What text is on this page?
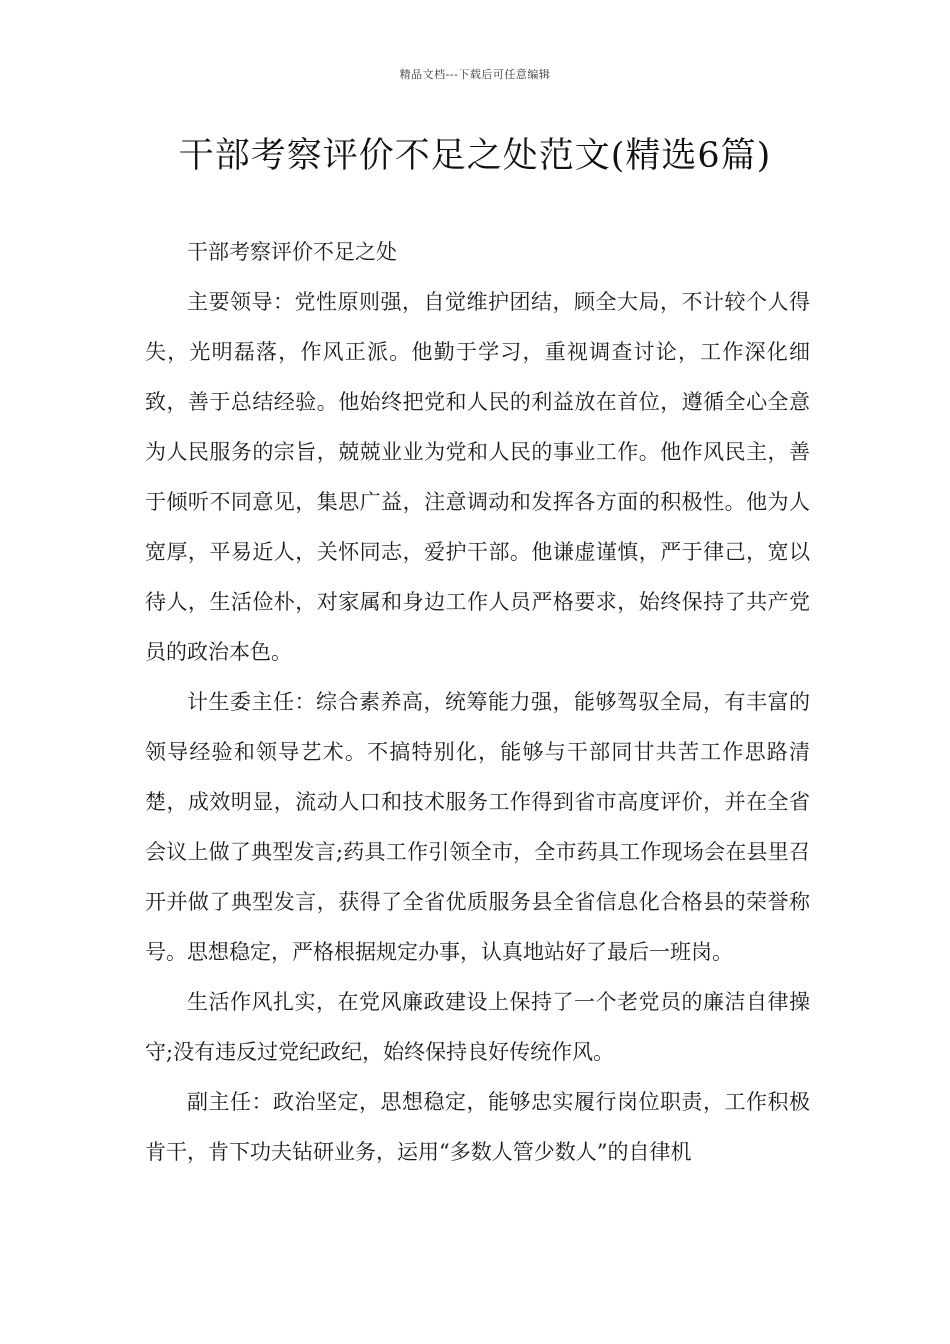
精品文档---下载后可任意编辑
干部考察评价不足之处范文(精选6篇)

干部考察评价不足之处

主要领导：党性原则强，自觉维护团结，顾全大局，不计较个人得失，光明磊落，作风正派。他勤于学习，重视调查讨论，工作深化细致，善于总结经验。他始终把党和人民的利益放在首位，遵循全心全意为人民服务的宗旨，兢兢业业为党和人民的事业工作。他作风民主，善于倾听不同意见，集思广益，注意调动和发挥各方面的积极性。他为人宽厚，平易近人，关怀同志，爱护干部。他谦虚谨慎，严于律己，宽以待人，生活俭朴，对家属和身边工作人员严格要求，始终保持了共产党员的政治本色。

计生委主任：综合素养高，统筹能力强，能够驾驭全局，有丰富的领导经验和领导艺术。不搞特别化，能够与干部同甘共苦工作思路清楚，成效明显，流动人口和技术服务工作得到省市高度评价，并在全省会议上做了典型发言;药具工作引领全市，全市药具工作现场会在县里召开并做了典型发言，获得了全省优质服务县全省信息化合格县的荣誉称号。思想稳定，严格根据规定办事，认真地站好了最后一班岗。

生活作风扎实，在党风廉政建设上保持了一个老党员的廉洁自律操守;没有违反过党纪政纪，始终保持良好传统作风。

副主任：政治坚定，思想稳定，能够忠实履行岗位职责，工作积极肯干，肯下功夫钻研业务，运用“多数人管少数人”的自律机
